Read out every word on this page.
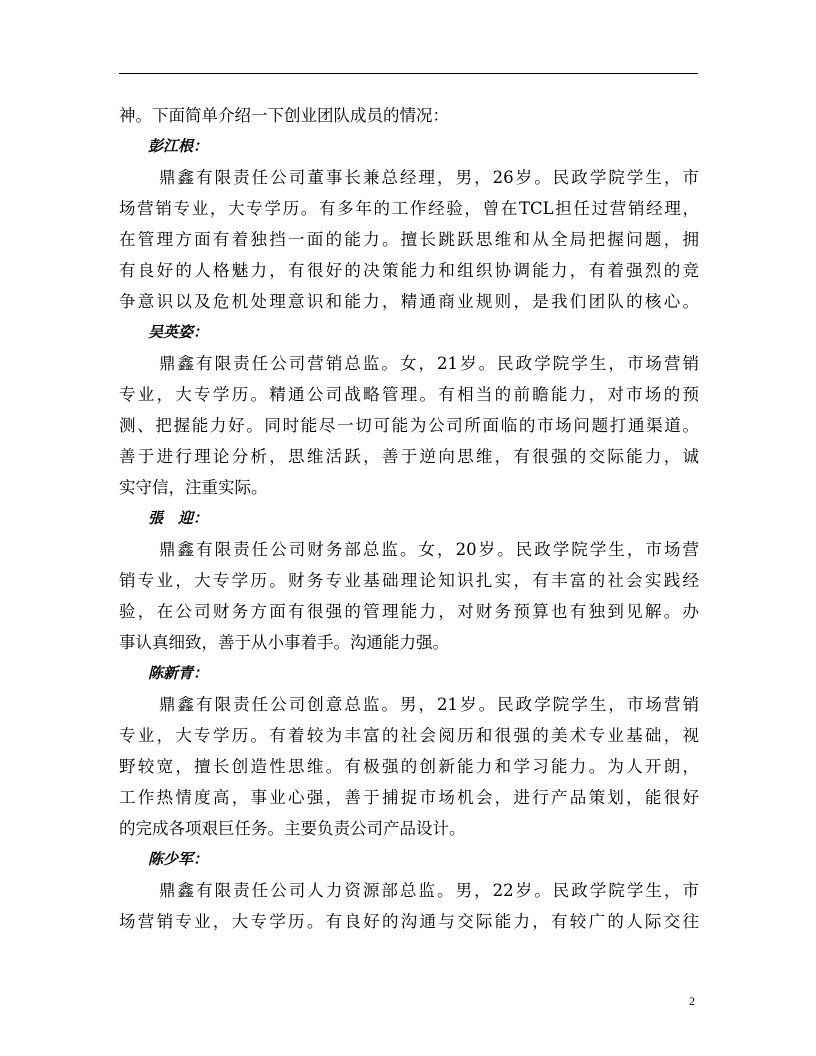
神。下面简单介绍一下创业团队成员的情况：
彭江根：
鼎鑫有限责任公司董事长兼总经理，男，26岁。民政学院学生，市
场营销专业，大专学历。有多年的工作经验，曾在TCL担任过营销经理，
在管理方面有着独挡一面的能力。擅长跳跃思维和从全局把握问题，拥
有良好的人格魅力，有很好的决策能力和组织协调能力，有着强烈的竞
争意识以及危机处理意识和能力，精通商业规则，是我们团队的核心。
吴英姿：
鼎鑫有限责任公司营销总监。女，21岁。民政学院学生，市场营销
专业，大专学历。精通公司战略管理。有相当的前瞻能力，对市场的预
测、把握能力好。同时能尽一切可能为公司所面临的市场问题打通渠道。
善于进行理论分析，思维活跃，善于逆向思维，有很强的交际能力，诚
实守信，注重实际。
張　迎：
鼎鑫有限责任公司财务部总监。女，20岁。民政学院学生，市场营
销专业，大专学历。财务专业基础理论知识扎实，有丰富的社会实践经
验，在公司财务方面有很强的管理能力，对财务预算也有独到见解。办
事认真细致，善于从小事着手。沟通能力强。
陈新青：
鼎鑫有限责任公司创意总监。男，21岁。民政学院学生，市场营销
专业，大专学历。有着较为丰富的社会阅历和很强的美术专业基础，视
野较宽，擅长创造性思维。有极强的创新能力和学习能力。为人开朗，
工作热情度高，事业心强，善于捕捉市场机会，进行产品策划，能很好
的完成各项艰巨任务。主要负责公司产品设计。
陈少军：
鼎鑫有限责任公司人力资源部总监。男，22岁。民政学院学生，市
场营销专业，大专学历。有良好的沟通与交际能力，有较广的人际交往
2
